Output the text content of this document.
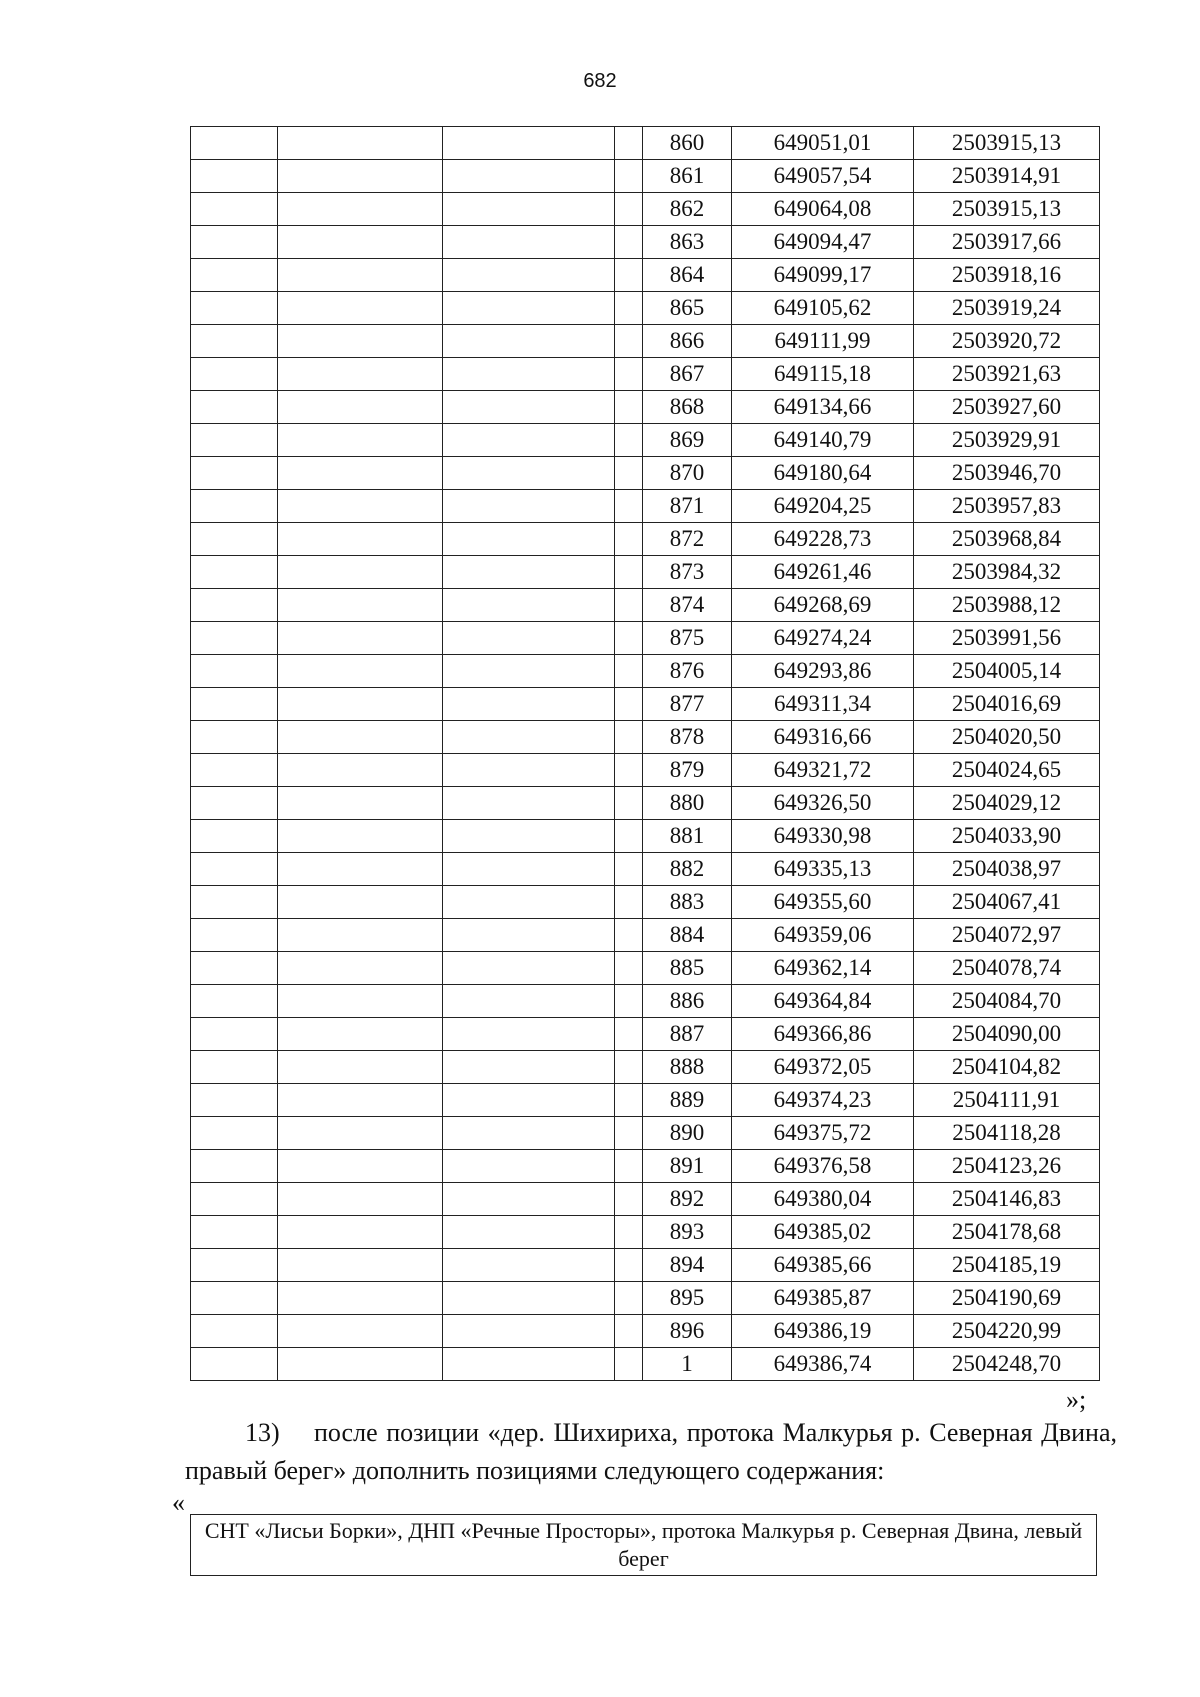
682
				860	649051,01	2503915,13
				861	649057,54	2503914,91
				862	649064,08	2503915,13
				863	649094,47	2503917,66
				864	649099,17	2503918,16
				865	649105,62	2503919,24
				866	649111,99	2503920,72
				867	649115,18	2503921,63
				868	649134,66	2503927,60
				869	649140,79	2503929,91
				870	649180,64	2503946,70
				871	649204,25	2503957,83
				872	649228,73	2503968,84
				873	649261,46	2503984,32
				874	649268,69	2503988,12
				875	649274,24	2503991,56
				876	649293,86	2504005,14
				877	649311,34	2504016,69
				878	649316,66	2504020,50
				879	649321,72	2504024,65
				880	649326,50	2504029,12
				881	649330,98	2504033,90
				882	649335,13	2504038,97
				883	649355,60	2504067,41
				884	649359,06	2504072,97
				885	649362,14	2504078,74
				886	649364,84	2504084,70
				887	649366,86	2504090,00
				888	649372,05	2504104,82
				889	649374,23	2504111,91
				890	649375,72	2504118,28
				891	649376,58	2504123,26
				892	649380,04	2504146,83
				893	649385,02	2504178,68
				894	649385,66	2504185,19
				895	649385,87	2504190,69
				896	649386,19	2504220,99
				1	649386,74	2504248,70
»;
13) после позиции «дер. Шихириха, протока Малкурья р. Северная Двина, правый берег» дополнить позициями следующего содержания:
«
СНТ «Лисьи Борки», ДНП «Речные Просторы», протока Малкурья р. Северная Двина, левый берег
